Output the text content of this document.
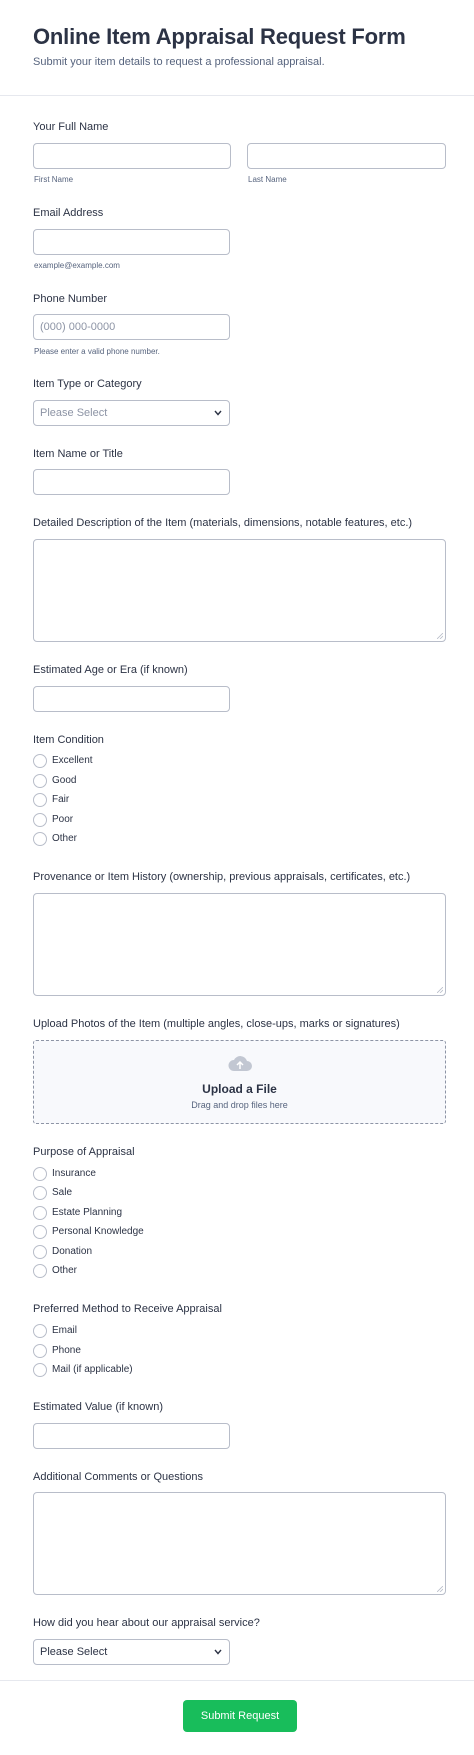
Online Item Appraisal Request Form
Submit your item details to request a professional appraisal.
Your Full Name
First Name	Last Name
Email Address
example@example.com
Phone Number
(000) 000-0000
Please enter a valid phone number.
Item Type or Category
Please Select
Item Name or Title
Detailed Description of the Item (materials, dimensions, notable features, etc.)
Estimated Age or Era (if known)
Item Condition
Excellent
Good
Fair
Poor
Other
Provenance or Item History (ownership, previous appraisals, certificates, etc.)
Upload Photos of the Item (multiple angles, close-ups, marks or signatures)
Upload a File
Drag and drop files here
Purpose of Appraisal
Insurance
Sale
Estate Planning
Personal Knowledge
Donation
Other
Preferred Method to Receive Appraisal
Email
Phone
Mail (if applicable)
Estimated Value (if known)
Additional Comments or Questions
How did you hear about our appraisal service?
Please Select
Submit Request
